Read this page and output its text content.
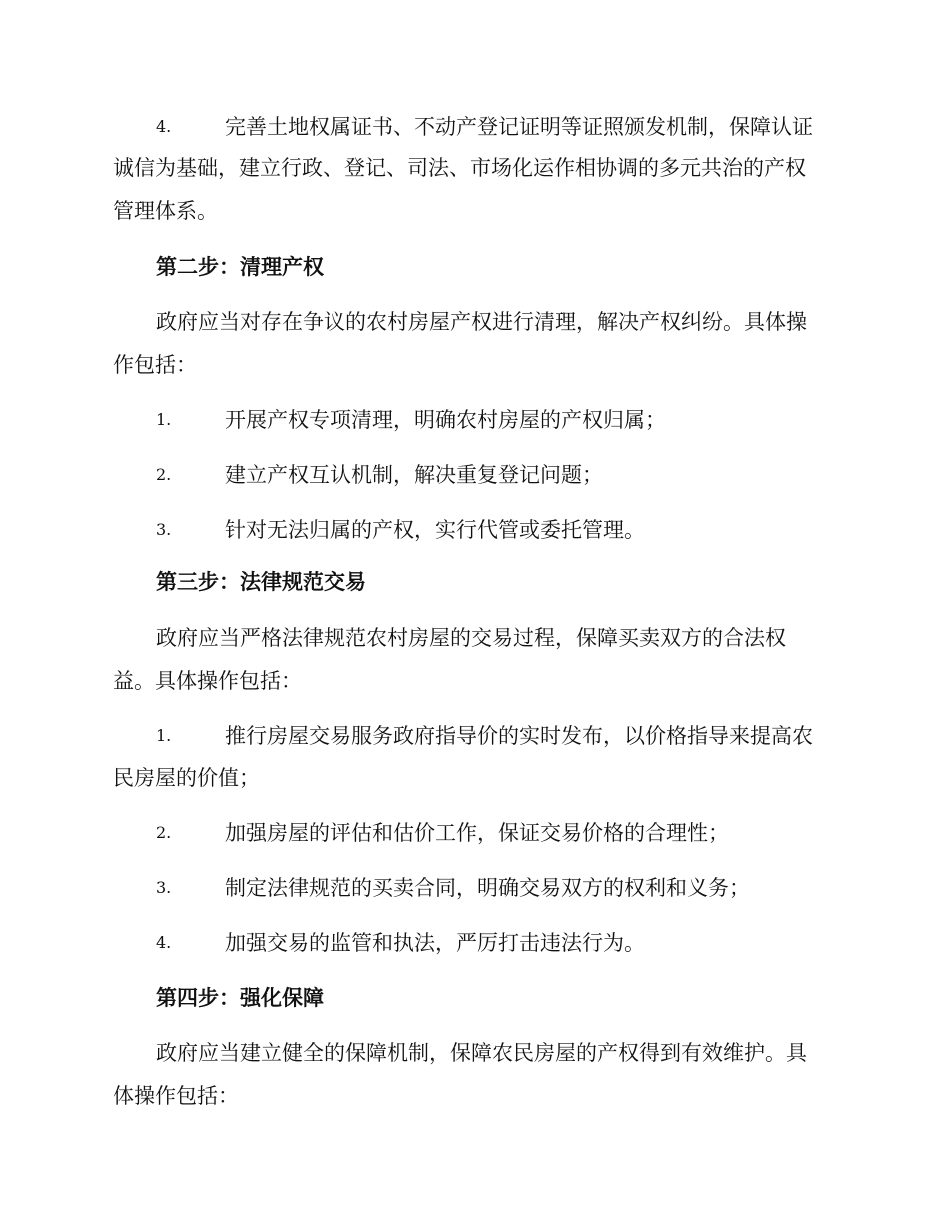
4.	完善土地权属证书、不动产登记证明等证照颁发机制，保障认证
诚信为基础，建立行政、登记、司法、市场化运作相协调的多元共治的产权
管理体系。
第二步：清理产权
政府应当对存在争议的农村房屋产权进行清理，解决产权纠纷。具体操
作包括：
1.	开展产权专项清理，明确农村房屋的产权归属；
2.	建立产权互认机制，解决重复登记问题；
3.	针对无法归属的产权，实行代管或委托管理。
第三步：法律规范交易
政府应当严格法律规范农村房屋的交易过程，保障买卖双方的合法权
益。具体操作包括：
1.	推行房屋交易服务政府指导价的实时发布，以价格指导来提高农
民房屋的价值；
2.	加强房屋的评估和估价工作，保证交易价格的合理性；
3.	制定法律规范的买卖合同，明确交易双方的权利和义务；
4.	加强交易的监管和执法，严厉打击违法行为。
第四步：强化保障
政府应当建立健全的保障机制，保障农民房屋的产权得到有效维护。具
体操作包括：
